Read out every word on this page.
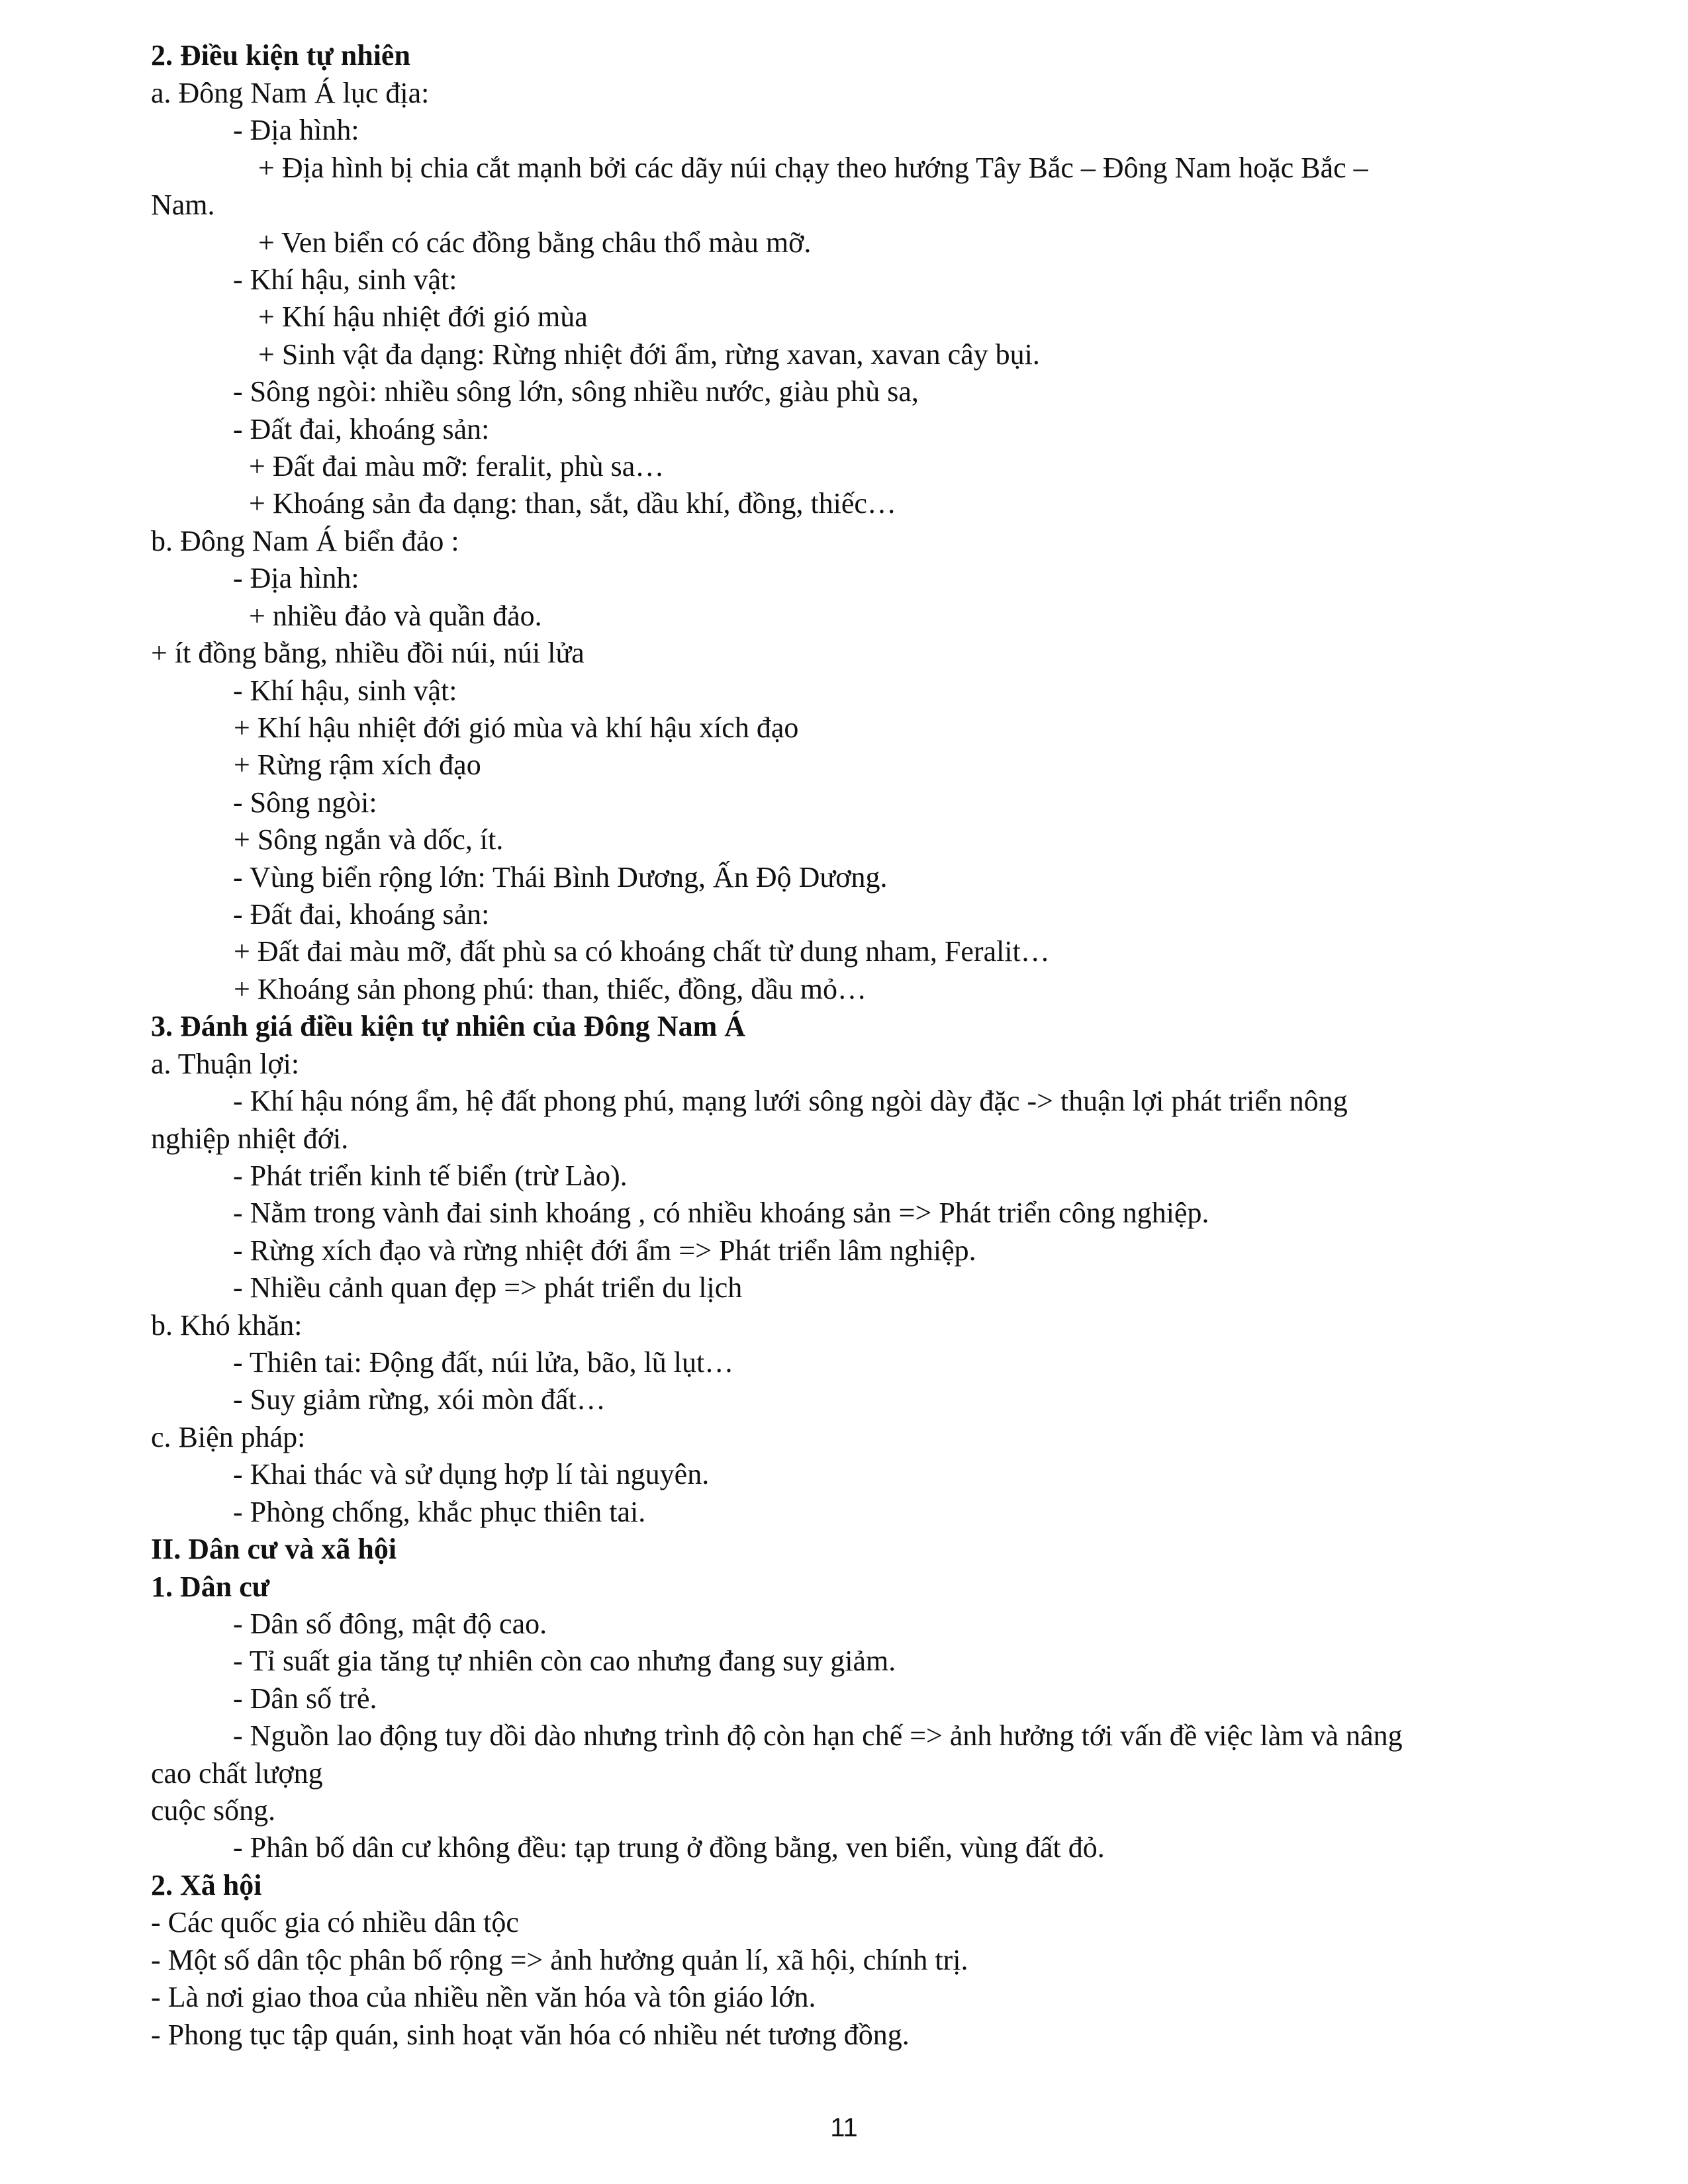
2. Điều kiện tự nhiên
a. Đông Nam Á lục địa:
- Địa hình:
+ Địa hình bị chia cắt mạnh bởi các dãy núi chạy theo hướng Tây Bắc – Đông Nam hoặc Bắc –
Nam.
+ Ven biển có các đồng bằng châu thổ màu mỡ.
- Khí hậu, sinh vật:
+ Khí hậu nhiệt đới gió mùa
+ Sinh vật đa dạng: Rừng nhiệt đới ẩm, rừng xavan, xavan cây bụi.
- Sông ngòi: nhiều sông lớn, sông nhiều nước, giàu phù sa,
- Đất đai, khoáng sản:
+ Đất đai màu mỡ: feralit, phù sa…
+ Khoáng sản đa dạng: than, sắt, dầu khí, đồng, thiếc…
b. Đông Nam Á biển đảo :
- Địa hình:
+ nhiều đảo và quần đảo.
+ ít đồng bằng, nhiều đồi núi, núi lửa
- Khí hậu, sinh vật:
+ Khí hậu nhiệt đới gió mùa và khí hậu xích đạo
+ Rừng rậm xích đạo
- Sông ngòi:
+ Sông ngắn và dốc, ít.
- Vùng biển rộng lớn: Thái Bình Dương, Ấn Độ Dương.
- Đất đai, khoáng sản:
+ Đất đai màu mỡ, đất phù sa có khoáng chất từ dung nham, Feralit…
+ Khoáng sản phong phú: than, thiếc, đồng, dầu mỏ…
3. Đánh giá điều kiện tự nhiên của Đông Nam Á
a. Thuận lợi:
- Khí hậu nóng ẩm, hệ đất phong phú, mạng lưới sông ngòi dày đặc -> thuận lợi phát triển nông
nghiệp nhiệt đới.
- Phát triển kinh tế biển (trừ Lào).
- Nằm trong vành đai sinh khoáng , có nhiều khoáng sản => Phát triển công nghiệp.
- Rừng xích đạo và rừng nhiệt đới ẩm => Phát triển lâm nghiệp.
- Nhiều cảnh quan đẹp => phát triển du lịch
b. Khó khăn:
- Thiên tai: Động đất, núi lửa, bão, lũ lụt…
- Suy giảm rừng, xói mòn đất…
c. Biện pháp:
- Khai thác và sử dụng hợp lí tài nguyên.
- Phòng chống, khắc phục thiên tai.
II. Dân cư và xã hội
1. Dân cư
- Dân số đông, mật độ cao.
- Tỉ suất gia tăng tự nhiên còn cao nhưng đang suy giảm.
- Dân số trẻ.
- Nguồn lao động tuy dồi dào nhưng trình độ còn hạn chế => ảnh hưởng tới vấn đề việc làm và nâng
cao chất lượng
cuộc sống.
- Phân bố dân cư không đều: tạp trung ở đồng bằng, ven biển, vùng đất đỏ.
2. Xã hội
- Các quốc gia có nhiều dân tộc
- Một số dân tộc phân bố rộng => ảnh hưởng quản lí, xã hội, chính trị.
- Là nơi giao thoa của nhiều nền văn hóa và tôn giáo lớn.
- Phong tục tập quán, sinh hoạt văn hóa có nhiều nét tương đồng.
11
